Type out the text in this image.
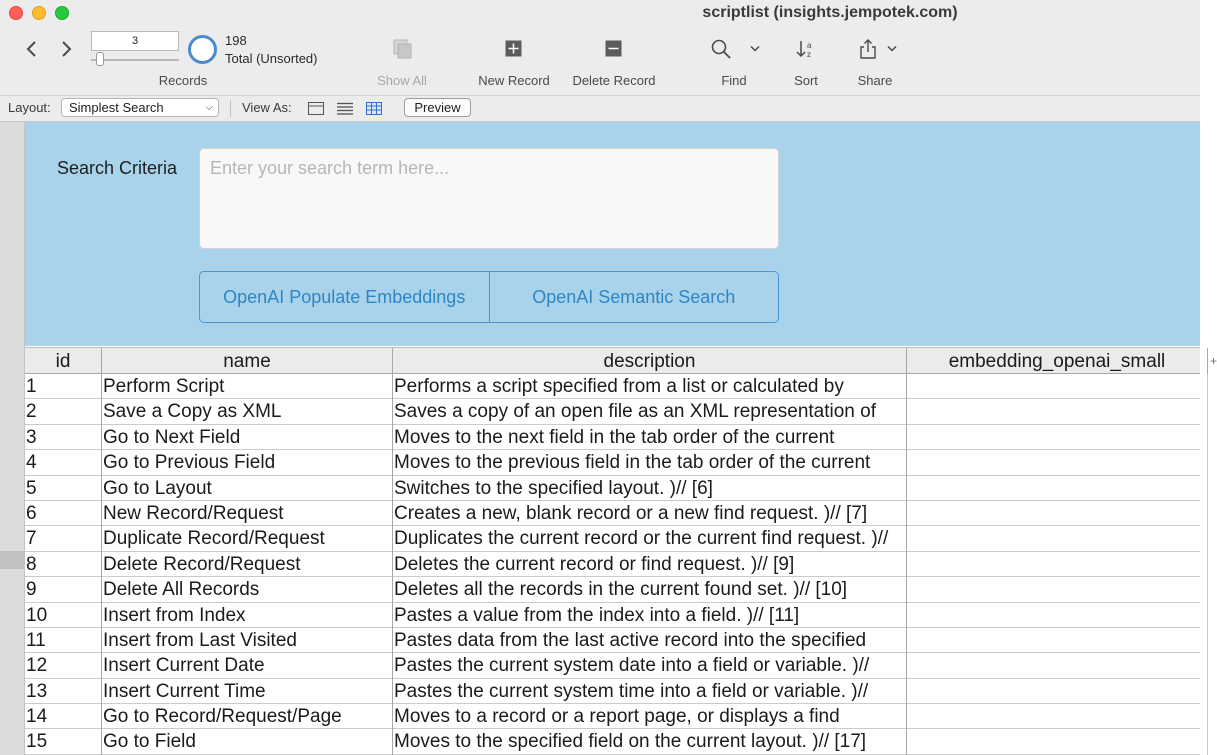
scriptlist (insights.jempotek.com)
3	198
Total (Unsorted)
Records	Show All	New Record	Delete Record	Find
a
z
Sort	Share
Layout:	Simplest Search	⌵ View As:	Preview
Search Criteria	Enter your search term here...
OpenAI Populate Embeddings	OpenAI Semantic Search
id	name	description	embedding_openai_small	+
1	Perform Script	Performs a script specified from a list or calculated by
2	Save a Copy as XML	Saves a copy of an open file as an XML representation of
3	Go to Next Field	Moves to the next field in the tab order of the current
4	Go to Previous Field	Moves to the previous field in the tab order of the current
5	Go to Layout	Switches to the specified layout. )// [6]
6	New Record/Request	Creates a new, blank record or a new find request. )// [7]
7	Duplicate Record/Request	Duplicates the current record or the current find request. )//
8	Delete Record/Request	Deletes the current record or find request. )// [9]
9	Delete All Records	Deletes all the records in the current found set. )// [10]
10	Insert from Index	Pastes a value from the index into a field. )// [11]
11	Insert from Last Visited	Pastes data from the last active record into the specified
12	Insert Current Date	Pastes the current system date into a field or variable. )//
13	Insert Current Time	Pastes the current system time into a field or variable. )//
14	Go to Record/Request/Page	Moves to a record or a report page, or displays a find
15	Go to Field	Moves to the specified field on the current layout. )// [17]
